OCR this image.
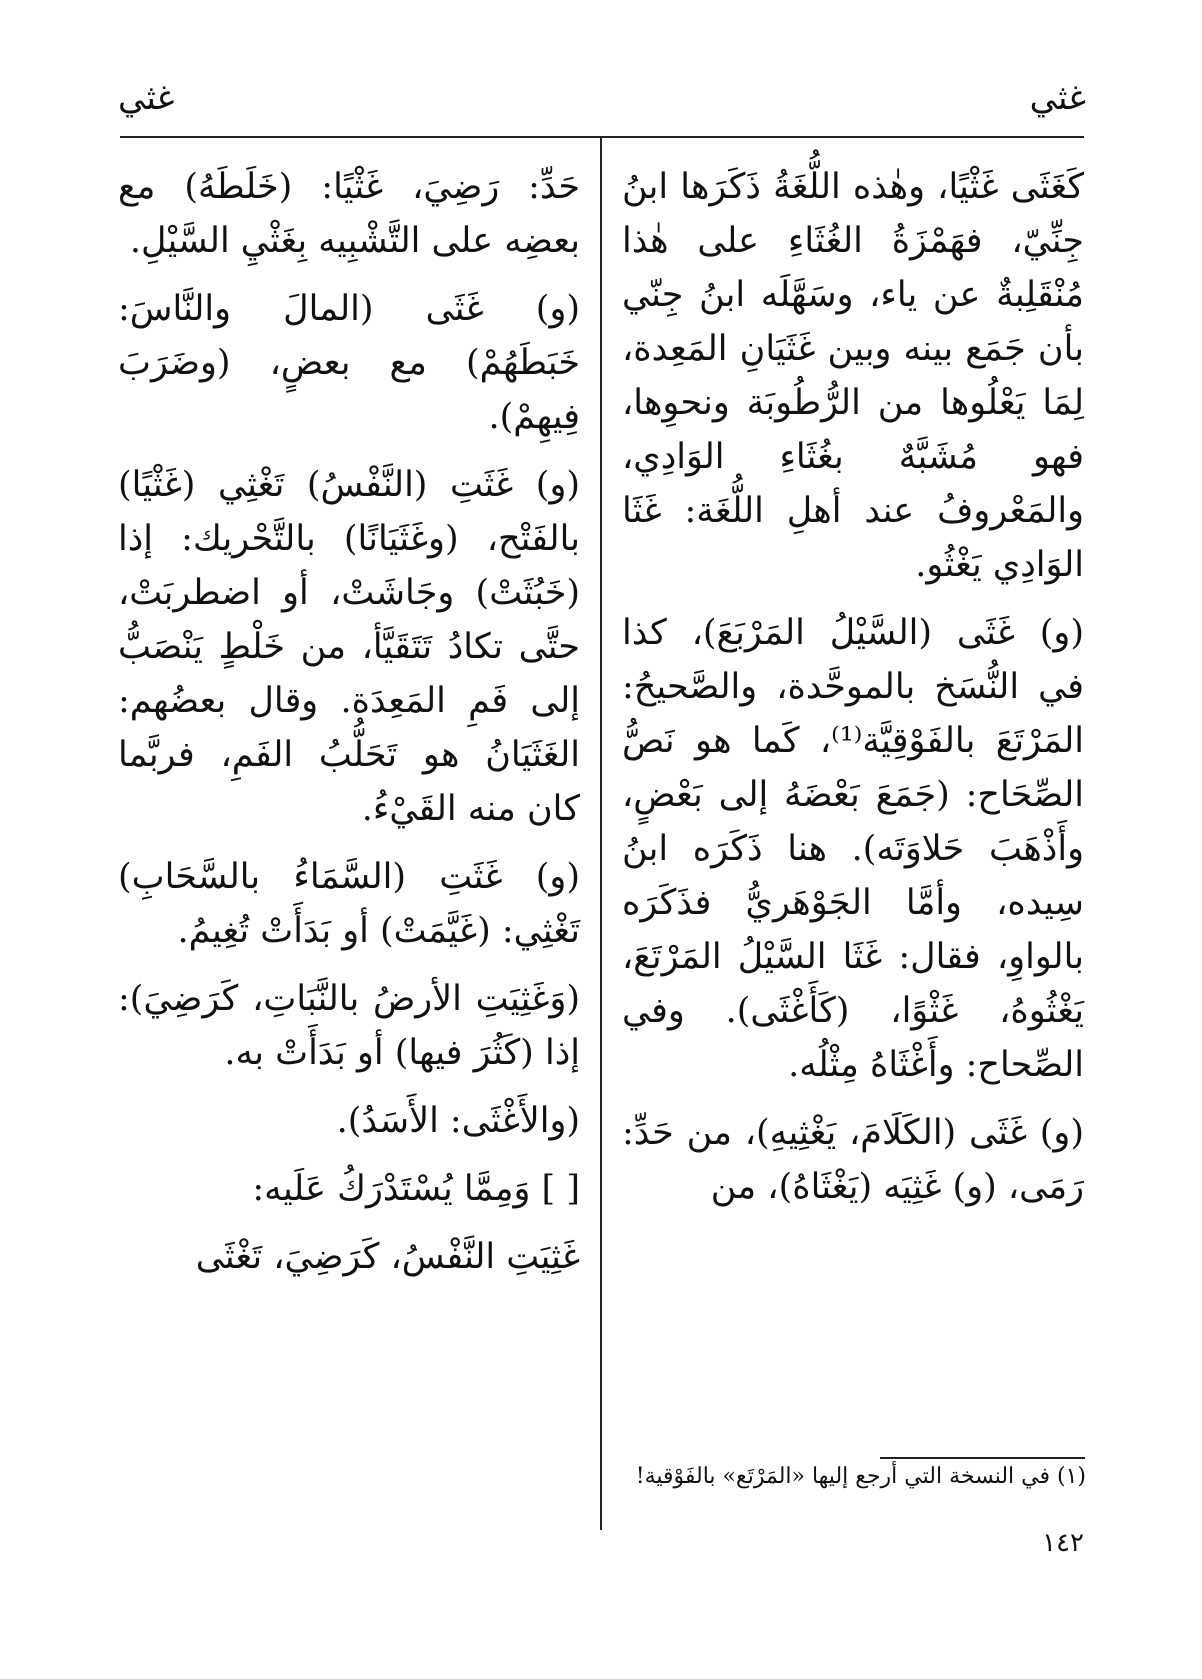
غثي	غثي

كَغَثَى غَثْيًا، وهٰذه اللُّغَةُ ذَكَرَها ابنُ جِنِّيّ، فهَمْزَةُ الغُثَاءِ على هٰذا مُنْقَلِبةٌ عن ياء، وسَهَّلَه ابنُ جِنّي بأن جَمَع بينه وبين غَثَيَانِ المَعِدة، لِمَا يَعْلُوها من الرُّطُوبَة ونحوِها، فهو مُشَبَّهٌ بغُثَاءِ الوَادِي، والمَعْروفُ عند أهلِ اللُّغَة: غَثَا الوَادِي يَغْثُو.

(و) غَثَى (السَّيْلُ المَرْبَعَ)، كذا في النُّسَخ بالموحَّدة، والصَّحيحُ: المَرْتَعَ بالفَوْقِيَّة⁽¹⁾، كَما هو نَصُّ الصِّحَاح: (جَمَعَ بَعْضَهُ إلى بَعْضٍ، وأَذْهَبَ حَلاوَتَه). هنا ذَكَرَه ابنُ سِيده، وأمَّا الجَوْهَريُّ فذَكَرَه بالواوِ، فقال: غَثَا السَّيْلُ المَرْتَعَ، يَغْثُوهُ، غَثْوًا، (كَأَغْثَى). وفي الصِّحاح: وأَغْثَاهُ مِثْلُه.

(و) غَثَى (الكَلَامَ، يَغْثِيهِ)، من حَدِّ: رَمَى، (و) غَثِيَه (يَغْثَاهُ)، من

حَدِّ: رَضِيَ، غَثْيًا: (خَلَطَهُ) مع بعضِه على التَّشْبِيه بِغَثْيِ السَّيْلِ.

(و) غَثَى (المالَ والنَّاسَ: خَبَطَهُمْ) مع بعضٍ، (وضَرَبَ فِيهِمْ).

(و) غَثَتِ (النَّفْسُ) تَغْثِي (غَثْيًا) بالفَتْح، (وغَثَيَانًا) بالتَّحْريك: إذا (خَبُثَتْ) وجَاشَتْ، أو اضطربَتْ، حتَّى تكادُ تَتَقَيَّأ، من خَلْطٍ يَنْصَبُّ إلى فَمِ المَعِدَة. وقال بعضُهم: الغَثَيَانُ هو تَحَلُّبُ الفَمِ، فربَّما كان منه القَيْءُ.

(و) غَثَتِ (السَّمَاءُ بالسَّحَابِ) تَغْثِي: (غَيَّمَتْ) أو بَدَأَتْ تُغِيمُ.

(وَغَثِيَتِ الأرضُ بالنَّبَاتِ، كَرَضِيَ): إذا (كَثُرَ فيها) أو بَدَأَتْ به.

(والأَغْثَى: الأَسَدُ).

[ ] وَمِمَّا يُسْتَدْرَكُ عَلَيه:

غَثِيَتِ النَّفْسُ، كَرَضِيَ، تَغْثَى

(١) في النسخة التي أرجع إليها «المَرْتَع» بالفَوْقية!
١٤٢
